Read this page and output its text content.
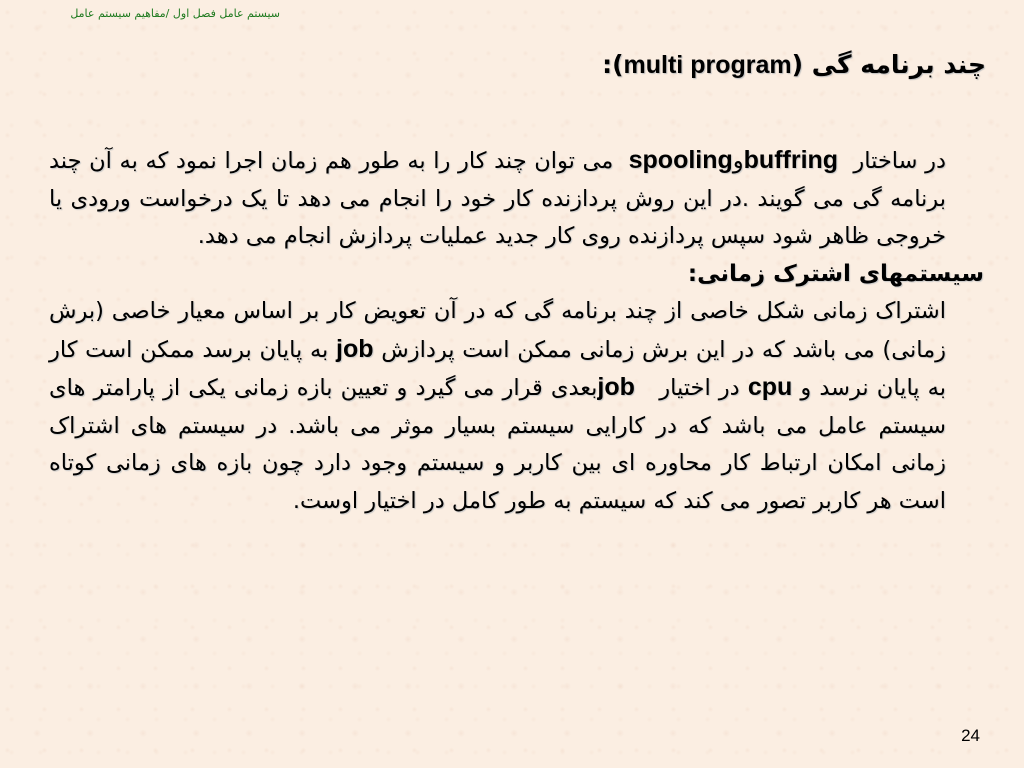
سیستم عامل فصل اول /مفاهیم سیستم عامل
چند برنامه گی (multi program):

در ساختار  buffringوspooling  می توان چند کار را به طور هم زمان اجرا نمود که به آن چند برنامه گی می گویند .در این روش پردازنده کار خود را انجام می دهد تا یک درخواست ورودی یا خروجی ظاهر شود سپس پردازنده روی کار جدید عملیات پردازش انجام می دهد.

سیستمهای اشترک زمانی:

اشتراک زمانی شکل خاصی از چند برنامه گی که در آن تعویض کار بر اساس معیار خاصی (برش زمانی) می باشد که در این برش زمانی ممکن است پردازش job به پایان برسد ممکن است کار به پایان نرسد و cpu در اختیار   jobبعدی قرار می گیرد و تعیین بازه زمانی یکی از پارامتر های سیستم عامل می باشد که در کارایی سیستم بسیار موثر می باشد. در سیستم های اشتراک زمانی امکان ارتباط کار محاوره ای بین کاربر و سیستم وجود دارد چون بازه های زمانی کوتاه است هر کاربر تصور می کند که سیستم به طور کامل در اختیار اوست.

24
